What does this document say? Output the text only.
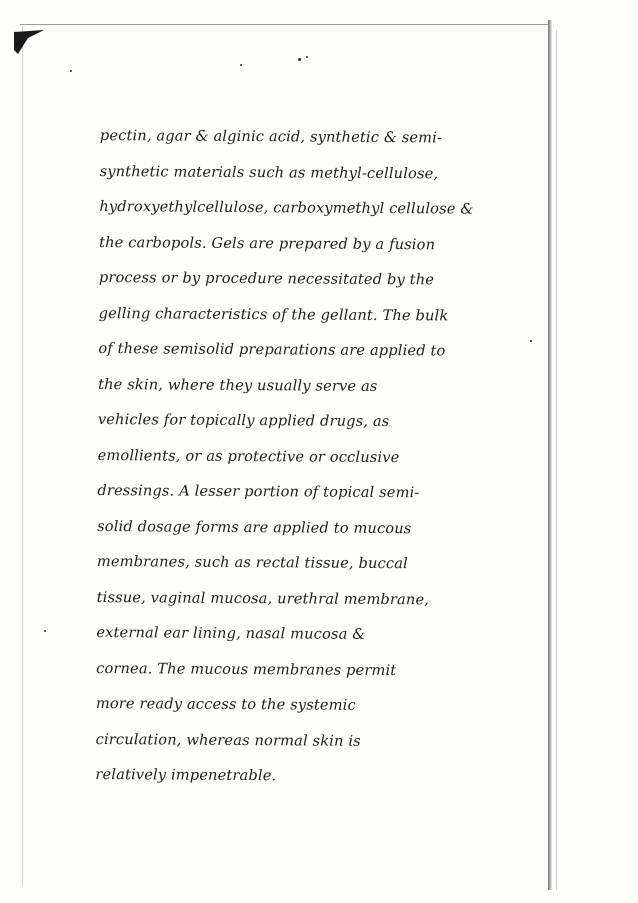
pectin, agar & alginic acid, synthetic & semi-
synthetic materials such as methyl-cellulose,
hydroxyethylcellulose, carboxymethyl cellulose &
the carbopols. Gels are prepared by a fusion
process or by procedure necessitated by the
gelling characteristics of the gellant. The bulk
of these semisolid preparations are applied to
the skin, where they usually serve as
vehicles for topically applied drugs, as
emollients, or as protective or occlusive
dressings. A lesser portion of topical semi-
solid dosage forms are applied to mucous
membranes, such as rectal tissue, buccal
tissue, vaginal mucosa, urethral membrane,
external ear lining, nasal mucosa &
cornea. The mucous membranes permit
more ready access to the systemic
circulation, whereas normal skin is
relatively impenetrable.
